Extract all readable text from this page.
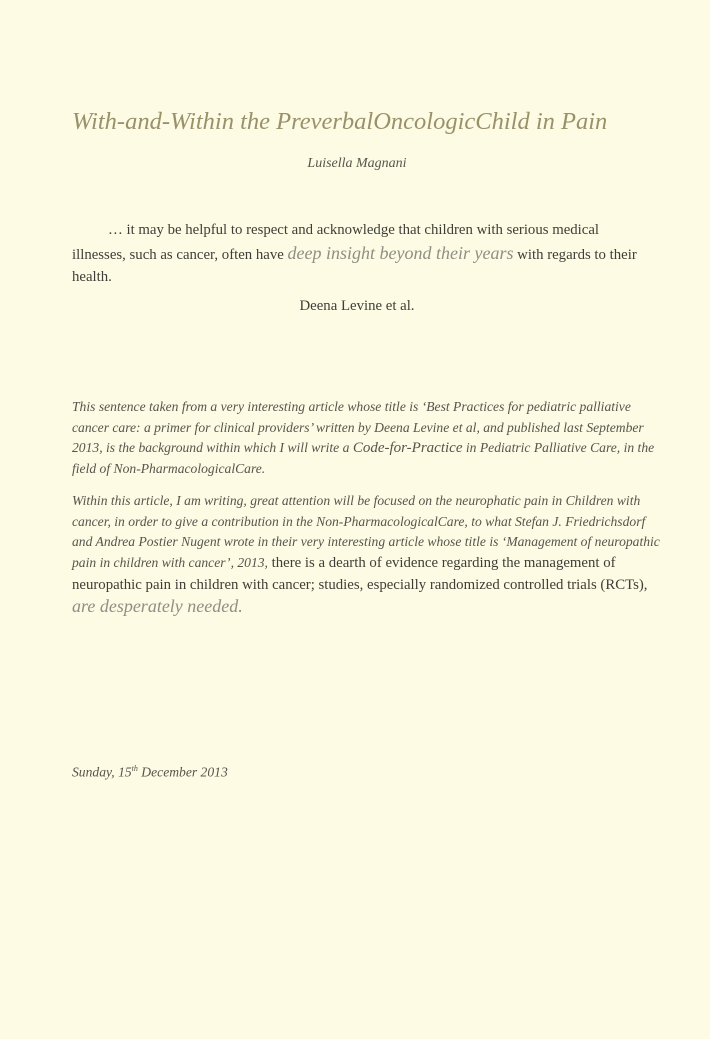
With-and-Within the PreverbalOncologicChild in Pain
Luisella Magnani
… it may be helpful to respect and acknowledge that children with serious medical illnesses, such as cancer, often have deep insight beyond their years with regards to their health.
Deena Levine et al.
This sentence taken from a very interesting article whose title is ‘Best Practices for pediatric palliative cancer care: a primer for clinical providers’ written by Deena Levine et al, and published last September 2013, is the background within which I will write a Code-for-Practice in Pediatric Palliative Care, in the field of Non-PharmacologicalCare.
Within this article, I am writing, great attention will be focused on the neurophatic pain in Children with cancer, in order to give a contribution in the Non-PharmacologicalCare, to what Stefan J. Friedrichsdorf and Andrea Postier Nugent wrote in their very interesting article whose title is ‘Management of neuropathic pain in children with cancer’, 2013, there is a dearth of evidence regarding the management of neuropathic pain in children with cancer; studies, especially randomized controlled trials (RCTs), are desperately needed.
Sunday, 15th December 2013
